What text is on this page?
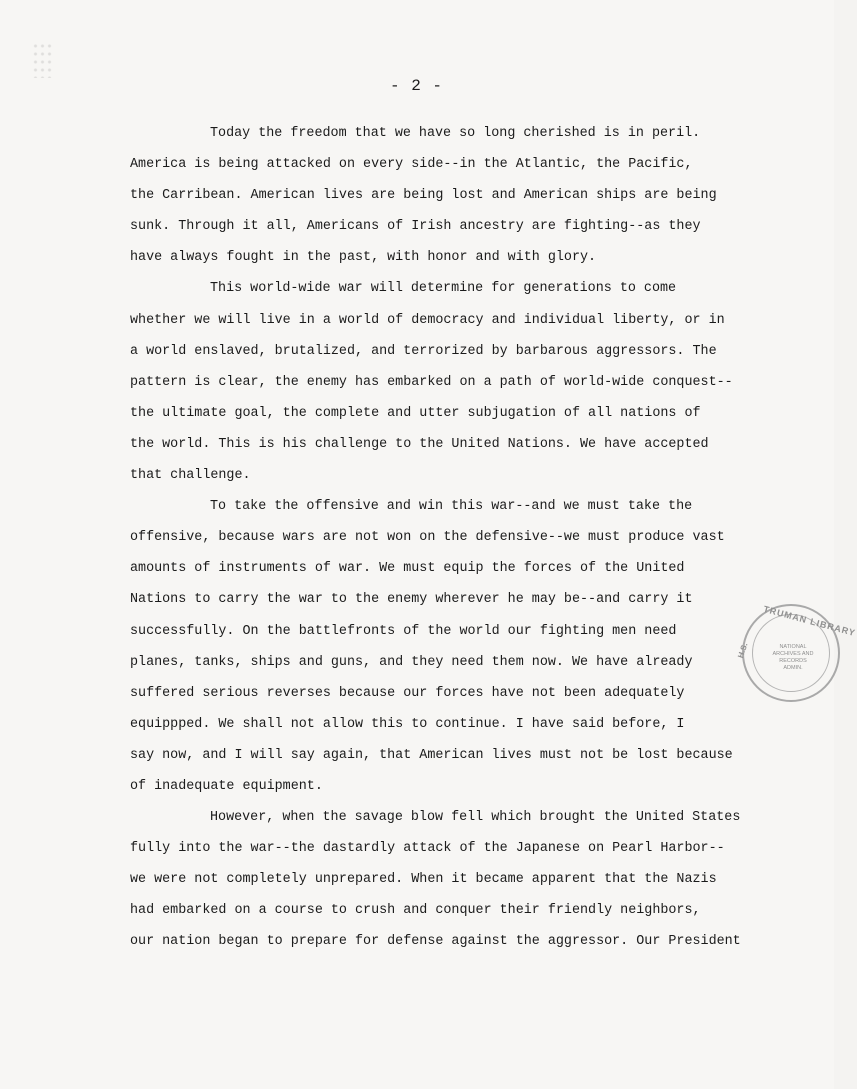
- 2 -
Today the freedom that we have so long cherished is in peril.
America is being attacked on every side--in the Atlantic, the Pacific,
the Carribean. American lives are being lost and American ships are being
sunk. Through it all, Americans of Irish ancestry are fighting--as they
have always fought in the past, with honor and with glory.
This world-wide war will determine for generations to come
whether we will live in a world of democracy and individual liberty, or in
a world enslaved, brutalized, and terrorized by barbarous aggressors. The
pattern is clear, the enemy has embarked on a path of world-wide conquest--
the ultimate goal, the complete and utter subjugation of all nations of
the world. This is his challenge to the United Nations. We have accepted
that challenge.
To take the offensive and win this war--and we must take the
offensive, because wars are not won on the defensive--we must produce vast
amounts of instruments of war. We must equip the forces of the United
Nations to carry the war to the enemy wherever he may be--and carry it
successfully. On the battlefronts of the world our fighting men need
planes, tanks, ships and guns, and they need them now. We have already
suffered serious reverses because our forces have not been adequately
equippped. We shall not allow this to continue. I have said before, I
say now, and I will say again, that American lives must not be lost because
of inadequate equipment.
However, when the savage blow fell which brought the United States
fully into the war--the dastardly attack of the Japanese on Pearl Harbor--
we were not completely unprepared. When it became apparent that the Nazis
had embarked on a course to crush and conquer their friendly neighbors,
our nation began to prepare for defense against the aggressor. Our President
TRUMAN LIBRARY
H.S.	NATIONAL
ARCHIVES AND
RECORDS
ADMIN.
